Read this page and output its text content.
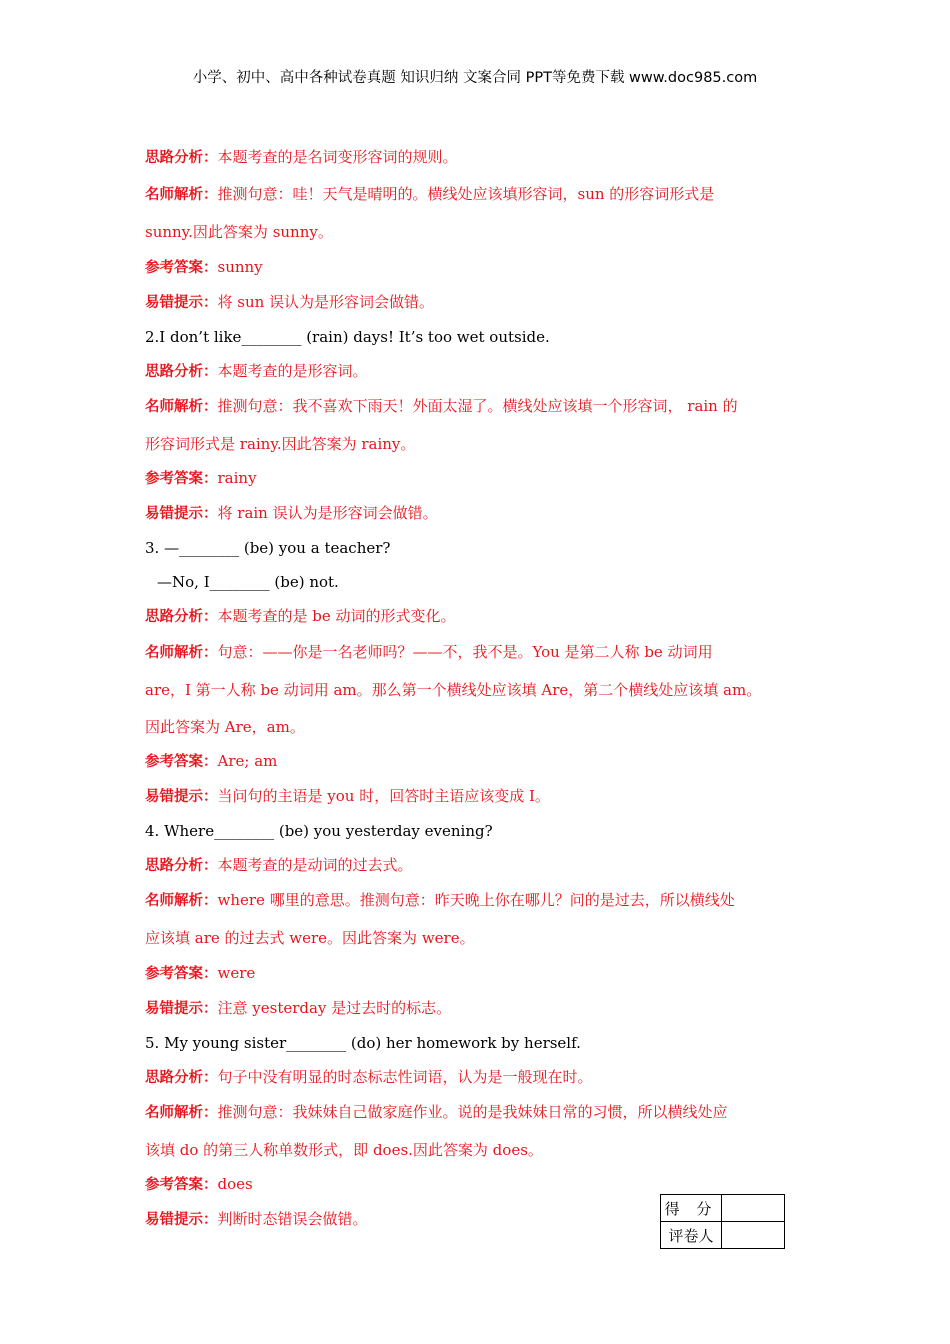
小学、初中、高中各种试卷真题 知识归纳 文案合同 PPT等免费下载 www.doc985.com

思路分析：本题考查的是名词变形容词的规则。

名师解析：推测句意：哇！天气是晴明的。横线处应该填形容词，sun 的形容词形式是

sunny.因此答案为 sunny。

参考答案：sunny

易错提示：将 sun 误认为是形容词会做错。

2.I don’t like________ (rain) days! It’s too wet outside.

思路分析：本题考查的是形容词。

名师解析：推测句意：我不喜欢下雨天！外面太湿了。横线处应该填一个形容词， rain 的

形容词形式是 rainy.因此答案为 rainy。

参考答案：rainy

易错提示：将 rain 误认为是形容词会做错。

3. —________ (be) you a teacher?

—No, I________ (be) not.

思路分析：本题考查的是 be 动词的形式变化。

名师解析：句意：——你是一名老师吗？——不，我不是。You 是第二人称 be 动词用

are，I 第一人称 be 动词用 am。那么第一个横线处应该填 Are，第二个横线处应该填 am。

因此答案为 Are，am。

参考答案：Are; am

易错提示：当问句的主语是 you 时，回答时主语应该变成 I。

4. Where________ (be) you yesterday evening?

思路分析：本题考查的是动词的过去式。

名师解析：where 哪里的意思。推测句意：昨天晚上你在哪儿？问的是过去，所以横线处

应该填 are 的过去式 were。因此答案为 were。

参考答案：were

易错提示：注意 yesterday 是过去时的标志。

5. My young sister________ (do) her homework by herself.

思路分析：句子中没有明显的时态标志性词语，认为是一般现在时。

名师解析：推测句意：我妹妹自己做家庭作业。说的是我妹妹日常的习惯，所以横线处应

该填 do 的第三人称单数形式，即 does.因此答案为 does。

参考答案：does

易错提示：判断时态错误会做错。

得 分	
评卷人	
